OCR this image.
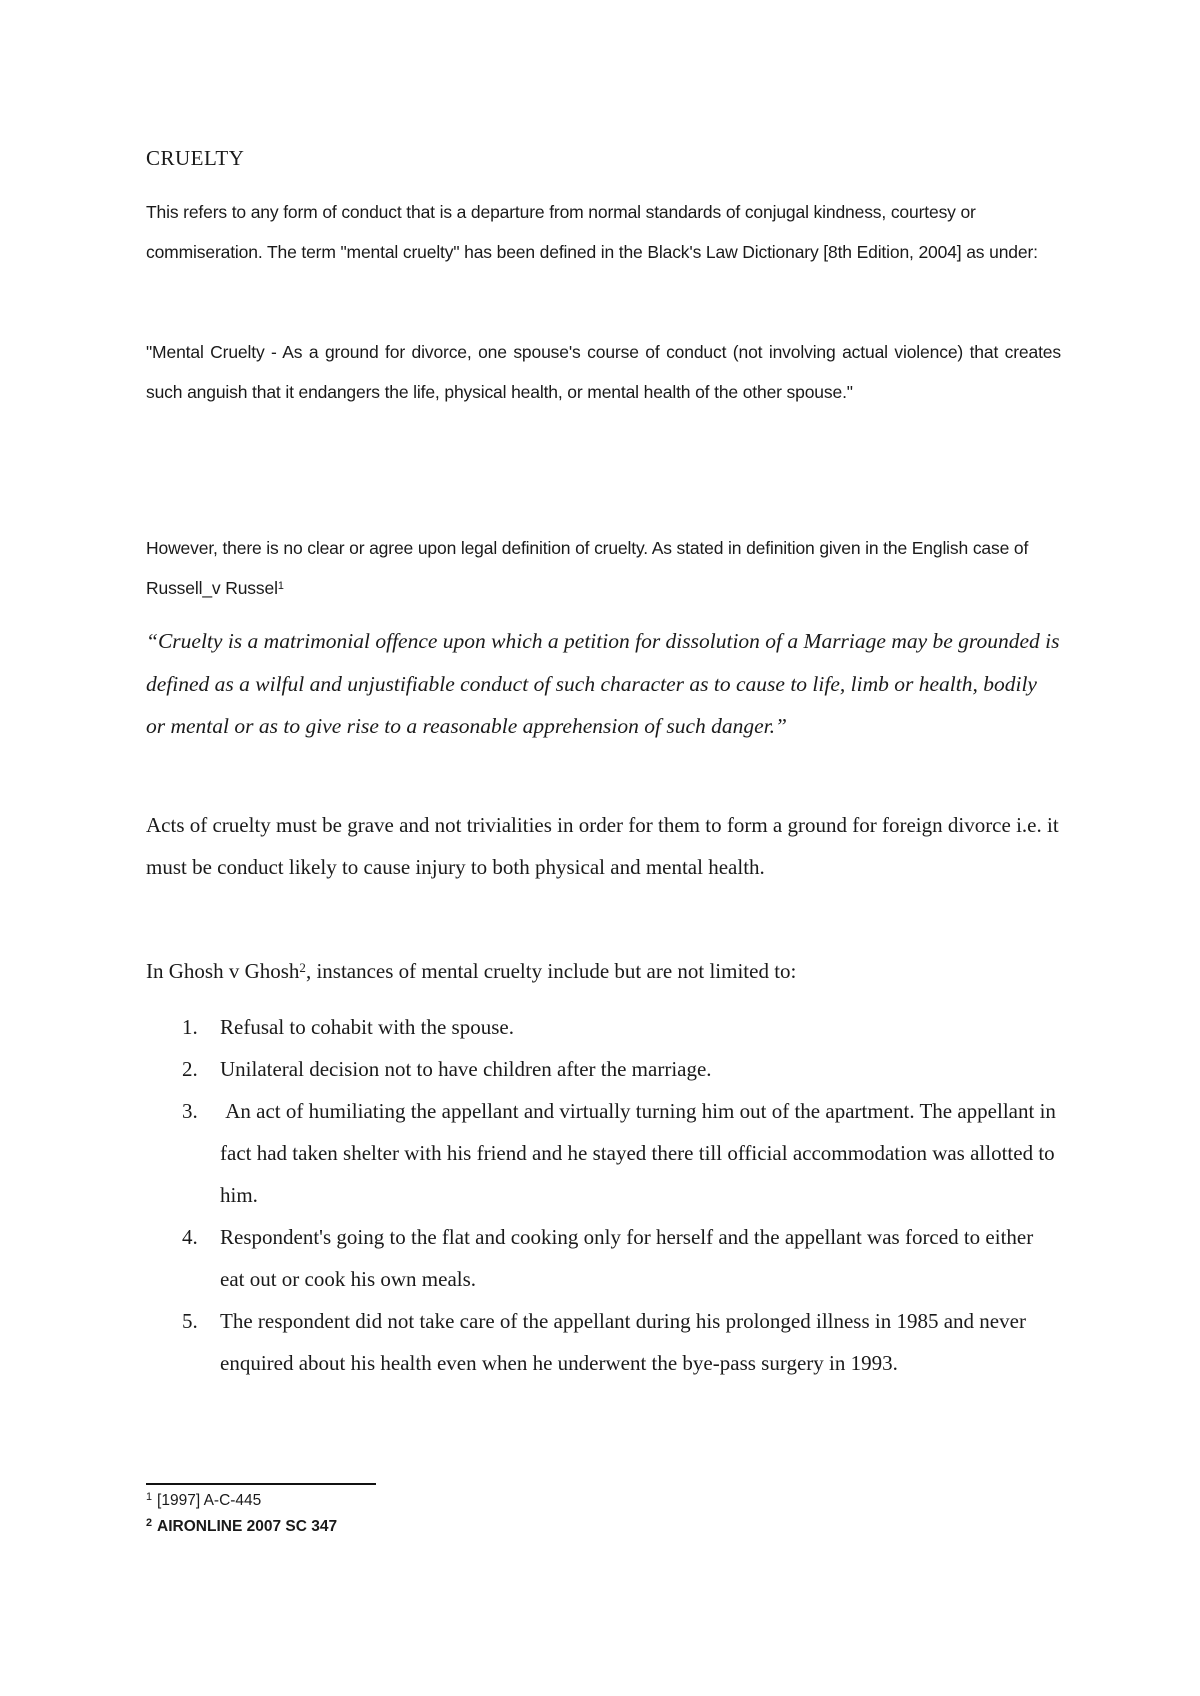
CRUELTY

This refers to any form of conduct that is a departure from normal standards of conjugal kindness, courtesy or commiseration. The term "mental cruelty" has been defined in the Black's Law Dictionary [8th Edition, 2004] as under:

"Mental Cruelty - As a ground for divorce, one spouse's course of conduct (not involving actual violence) that creates such anguish that it endangers the life, physical health, or mental health of the other spouse."

However, there is no clear or agree upon legal definition of cruelty. As stated in definition given in the English case of Russell_v Russel$^1$

“Cruelty is a matrimonial offence upon which a petition for dissolution of a Marriage may be grounded is defined as a wilful and unjustifiable conduct of such character as to cause to life, limb or health, bodily or mental or as to give rise to a reasonable apprehension of such danger.”

Acts of cruelty must be grave and not trivialities in order for them to form a ground for foreign divorce i.e. it must be conduct likely to cause injury to both physical and mental health.

In Ghosh v Ghosh$^2$, instances of mental cruelty include but are not limited to:

1. Refusal to cohabit with the spouse.
2. Unilateral decision not to have children after the marriage.
3. An act of humiliating the appellant and virtually turning him out of the apartment. The appellant in fact had taken shelter with his friend and he stayed there till official accommodation was allotted to him.
4. Respondent's going to the flat and cooking only for herself and the appellant was forced to either eat out or cook his own meals.
5. The respondent did not take care of the appellant during his prolonged illness in 1985 and never enquired about his health even when he underwent the bye-pass surgery in 1993.
$^1$ [1997] A-C-445
$^2$ AIRONLINE 2007 SC 347
